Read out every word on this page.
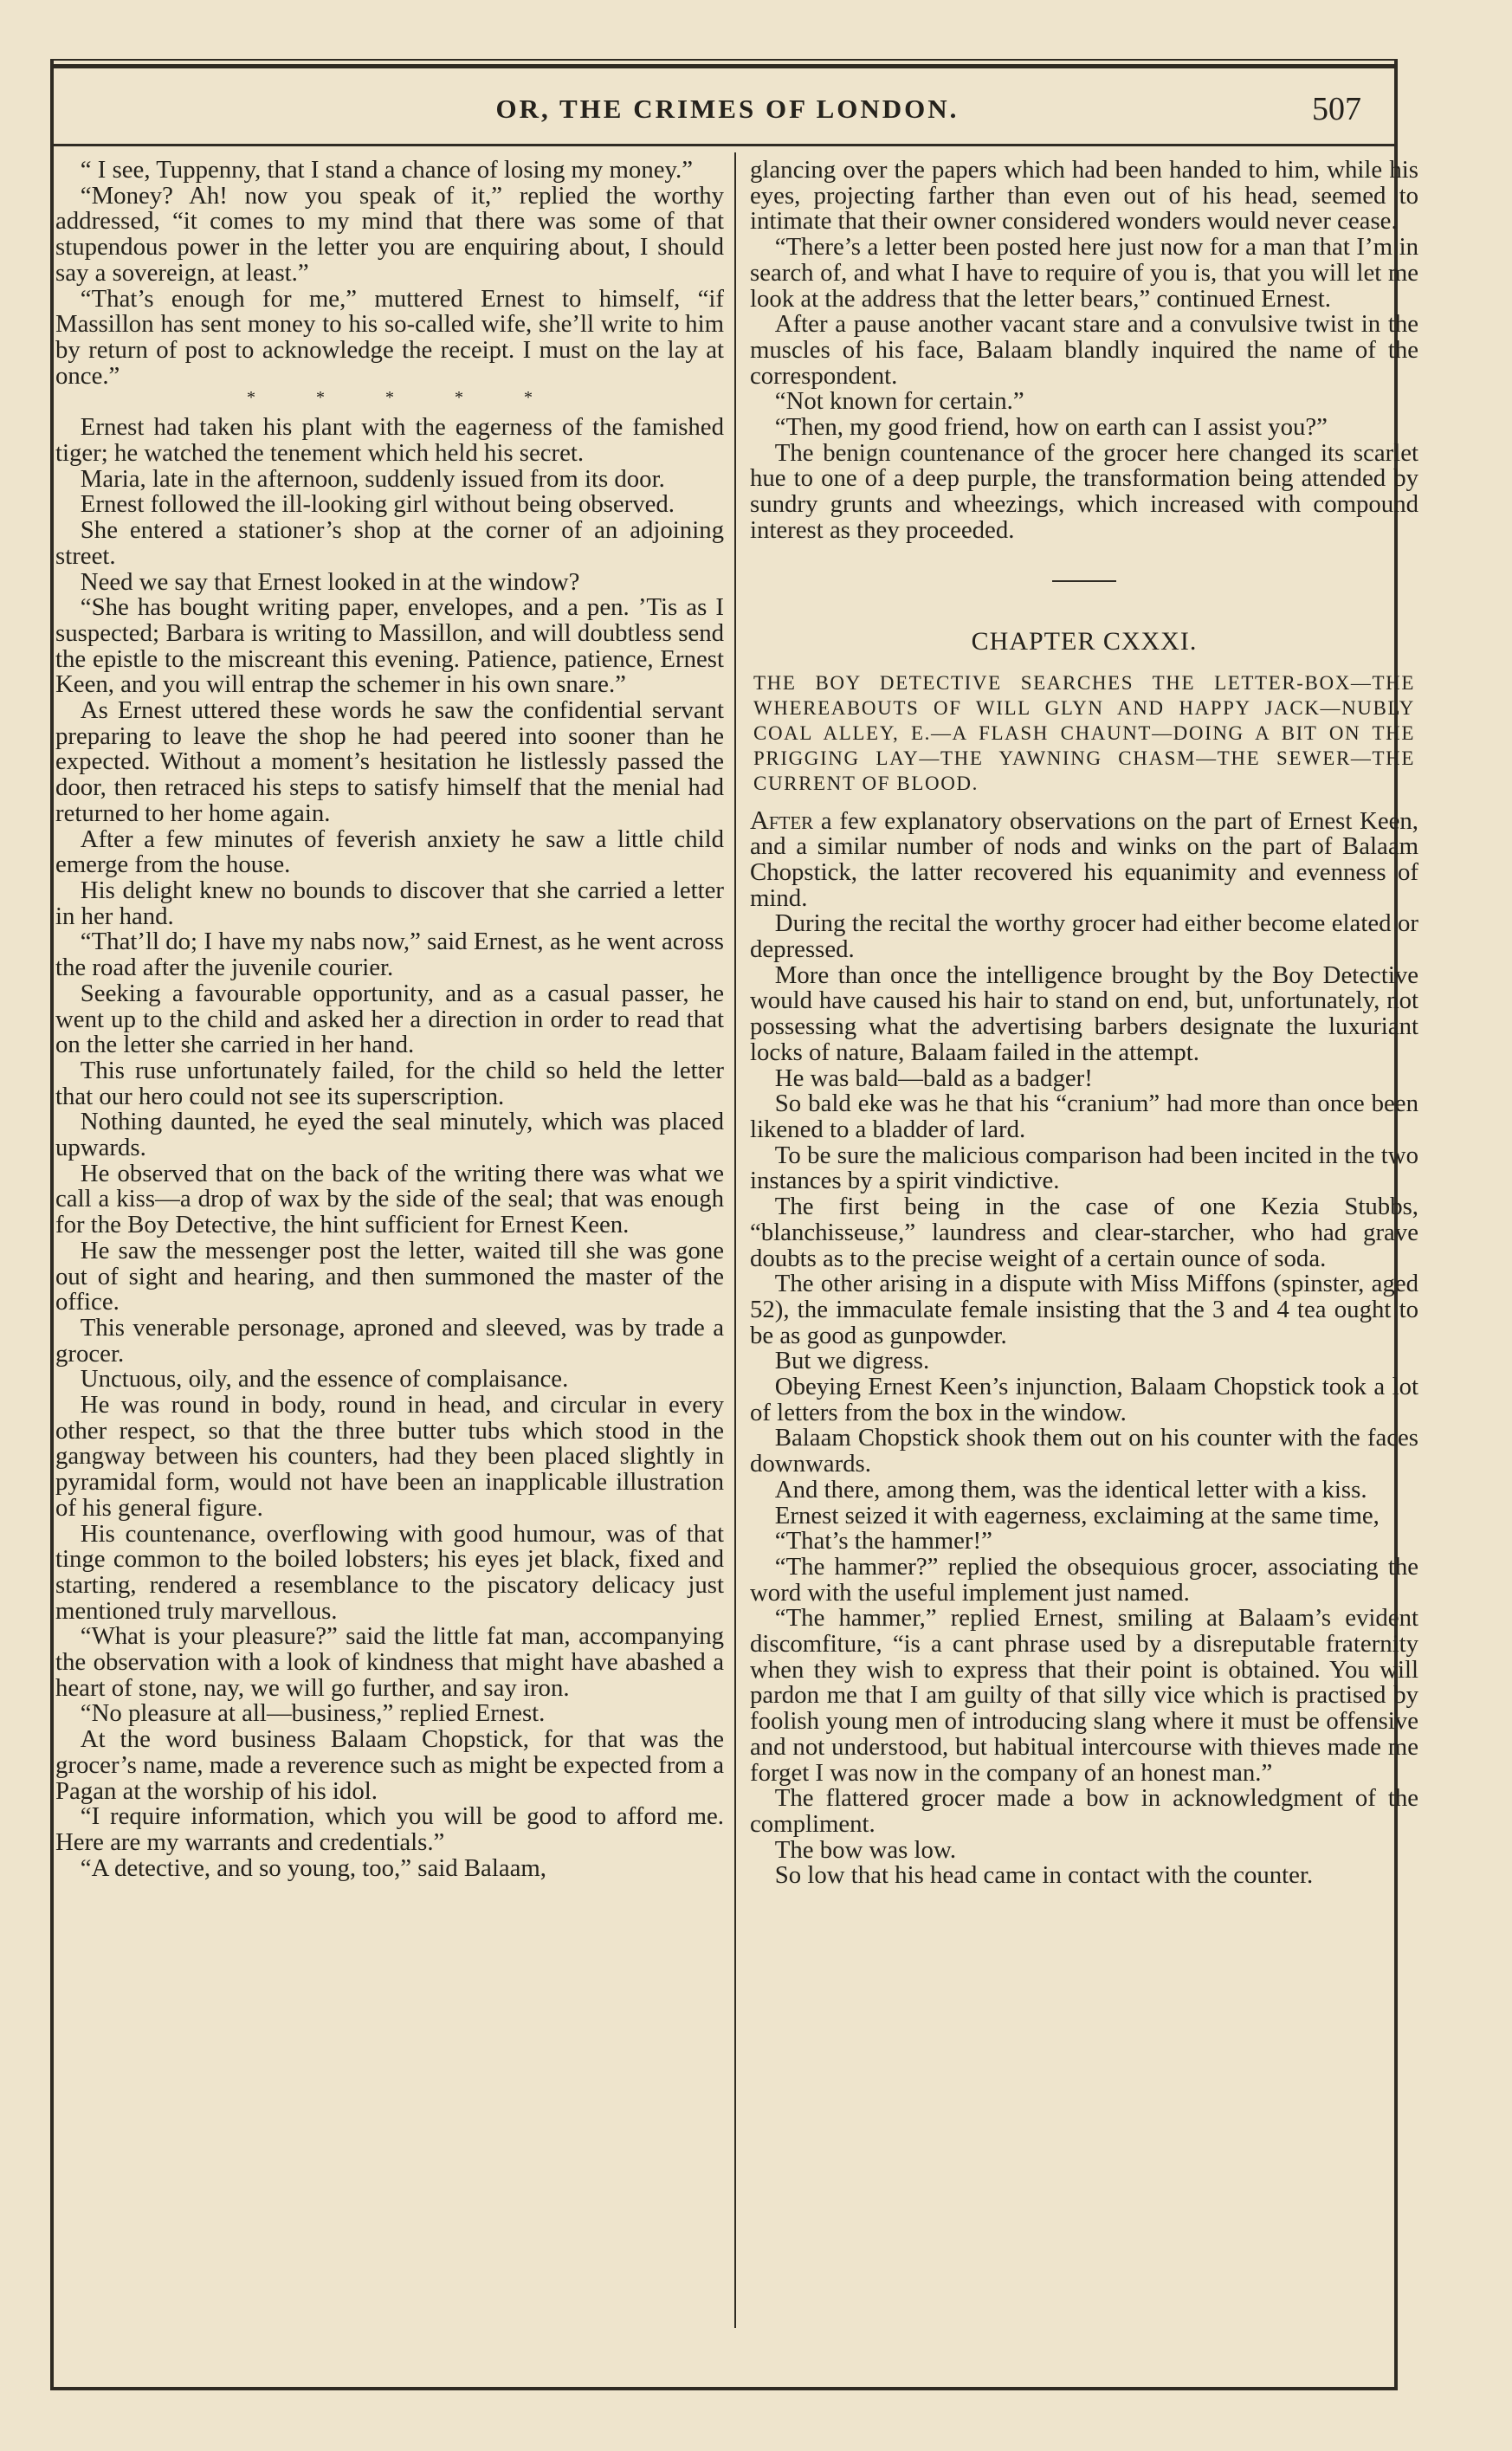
OR, THE CRIMES OF LONDON.	507

“ I see, Tuppenny, that I stand a chance of losing my money.”

“Money? Ah! now you speak of it,” replied the worthy addressed, “it comes to my mind that there was some of that stupendous power in the letter you are enquiring about, I should say a sovereign, at least.”

“That’s enough for me,” muttered Ernest to himself, “if Massillon has sent money to his so-called wife, she’ll write to him by return of post to acknowledge the receipt. I must on the lay at once.”

*****

Ernest had taken his plant with the eagerness of the famished tiger; he watched the tenement which held his secret.

Maria, late in the afternoon, suddenly issued from its door.

Ernest followed the ill-looking girl without being observed.

She entered a stationer’s shop at the corner of an adjoining street.

Need we say that Ernest looked in at the window?

“She has bought writing paper, envelopes, and a pen. ’Tis as I suspected; Barbara is writing to Massillon, and will doubtless send the epistle to the miscreant this evening. Patience, patience, Ernest Keen, and you will entrap the schemer in his own snare.”

As Ernest uttered these words he saw the confidential servant preparing to leave the shop he had peered into sooner than he expected. Without a moment’s hesitation he listlessly passed the door, then retraced his steps to satisfy himself that the menial had returned to her home again.

After a few minutes of feverish anxiety he saw a little child emerge from the house.

His delight knew no bounds to discover that she carried a letter in her hand.

“That’ll do; I have my nabs now,” said Ernest, as he went across the road after the juvenile courier.

Seeking a favourable opportunity, and as a casual passer, he went up to the child and asked her a direction in order to read that on the letter she carried in her hand.

This ruse unfortunately failed, for the child so held the letter that our hero could not see its superscription.

Nothing daunted, he eyed the seal minutely, which was placed upwards.

He observed that on the back of the writing there was what we call a kiss—a drop of wax by the side of the seal; that was enough for the Boy Detective, the hint sufficient for Ernest Keen.

He saw the messenger post the letter, waited till she was gone out of sight and hearing, and then summoned the master of the office.

This venerable personage, aproned and sleeved, was by trade a grocer.

Unctuous, oily, and the essence of complaisance.

He was round in body, round in head, and circular in every other respect, so that the three butter tubs which stood in the gangway between his counters, had they been placed slightly in pyramidal form, would not have been an inapplicable illustration of his general figure.

His countenance, overflowing with good humour, was of that tinge common to the boiled lobsters; his eyes jet black, fixed and starting, rendered a resemblance to the piscatory delicacy just mentioned truly marvellous.

“What is your pleasure?” said the little fat man, accompanying the observation with a look of kindness that might have abashed a heart of stone, nay, we will go further, and say iron.

“No pleasure at all—business,” replied Ernest.

At the word business Balaam Chopstick, for that was the grocer’s name, made a reverence such as might be expected from a Pagan at the worship of his idol.

“I require information, which you will be good to afford me. Here are my warrants and credentials.”

“A detective, and so young, too,” said Balaam,

glancing over the papers which had been handed to him, while his eyes, projecting farther than even out of his head, seemed to intimate that their owner considered wonders would never cease.

“There’s a letter been posted here just now for a man that I’m in search of, and what I have to require of you is, that you will let me look at the address that the letter bears,” continued Ernest.

After a pause another vacant stare and a convulsive twist in the muscles of his face, Balaam blandly inquired the name of the correspondent.

“Not known for certain.”

“Then, my good friend, how on earth can I assist you?”

The benign countenance of the grocer here changed its scarlet hue to one of a deep purple, the transformation being attended by sundry grunts and wheezings, which increased with compound interest as they proceeded.

CHAPTER CXXXI.
THE BOY DETECTIVE SEARCHES THE LETTER-BOX—THE WHEREABOUTS OF WILL GLYN AND HAPPY JACK—NUBLY COAL ALLEY, E.—A FLASH CHAUNT—DOING A BIT ON THE PRIGGING LAY—THE YAWNING CHASM—THE SEWER—THE CURRENT OF BLOOD.

After a few explanatory observations on the part of Ernest Keen, and a similar number of nods and winks on the part of Balaam Chopstick, the latter recovered his equanimity and evenness of mind.

During the recital the worthy grocer had either become elated or depressed.

More than once the intelligence brought by the Boy Detective would have caused his hair to stand on end, but, unfortunately, not possessing what the advertising barbers designate the luxuriant locks of nature, Balaam failed in the attempt.

He was bald—bald as a badger!

So bald eke was he that his “cranium” had more than once been likened to a bladder of lard.

To be sure the malicious comparison had been incited in the two instances by a spirit vindictive.

The first being in the case of one Kezia Stubbs, “blanchisseuse,” laundress and clear-starcher, who had grave doubts as to the precise weight of a certain ounce of soda.

The other arising in a dispute with Miss Miffons (spinster, aged 52), the immaculate female insisting that the 3 and 4 tea ought to be as good as gunpowder.

But we digress.

Obeying Ernest Keen’s injunction, Balaam Chopstick took a lot of letters from the box in the window.

Balaam Chopstick shook them out on his counter with the faces downwards.

And there, among them, was the identical letter with a kiss.

Ernest seized it with eagerness, exclaiming at the same time,

“That’s the hammer!”

“The hammer?” replied the obsequious grocer, associating the word with the useful implement just named.

“The hammer,” replied Ernest, smiling at Balaam’s evident discomfiture, “is a cant phrase used by a disreputable fraternity when they wish to express that their point is obtained. You will pardon me that I am guilty of that silly vice which is practised by foolish young men of introducing slang where it must be offensive and not understood, but habitual intercourse with thieves made me forget I was now in the company of an honest man.”

The flattered grocer made a bow in acknowledgment of the compliment.

The bow was low.

So low that his head came in contact with the counter.
